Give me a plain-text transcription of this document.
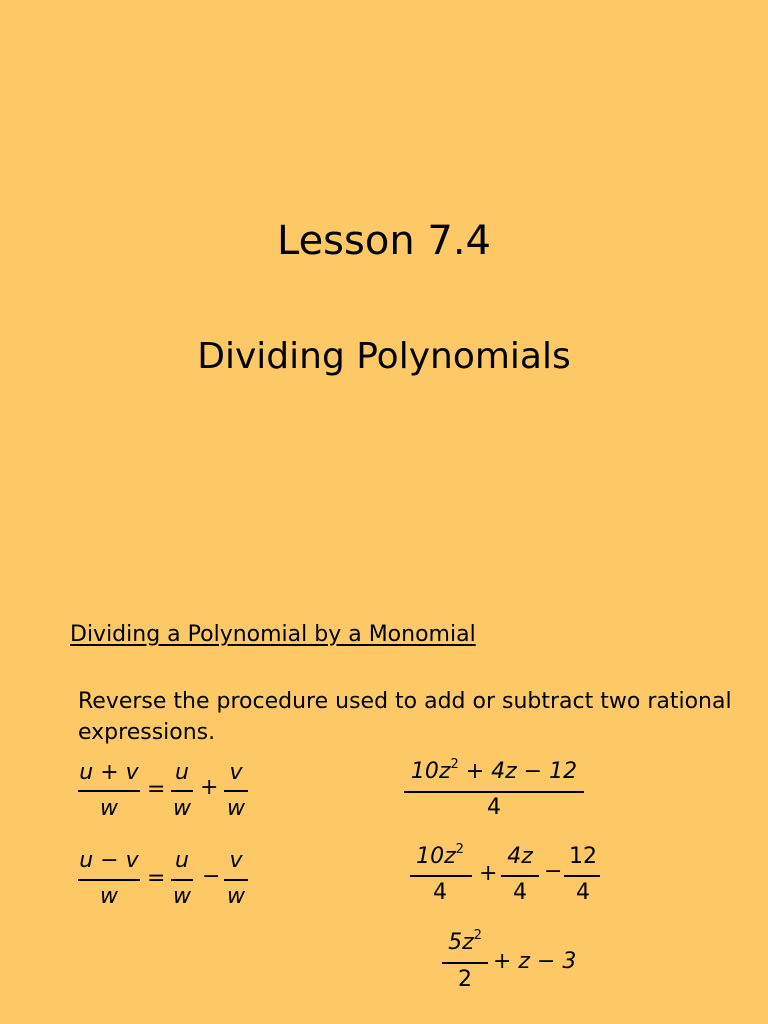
Lesson 7.4
Dividing Polynomials
Dividing a Polynomial by a Monomial
Reverse the procedure used to add or subtract two rational expressions.
u + v
w
=
u
w
+
v
w
u − v
w
=
u
w
−
v
w
$10z^2 + 4z - 12$
4
$10z^2$
4
+
4z
4
−
12
4
$5z^2$
2
+ z − 3
